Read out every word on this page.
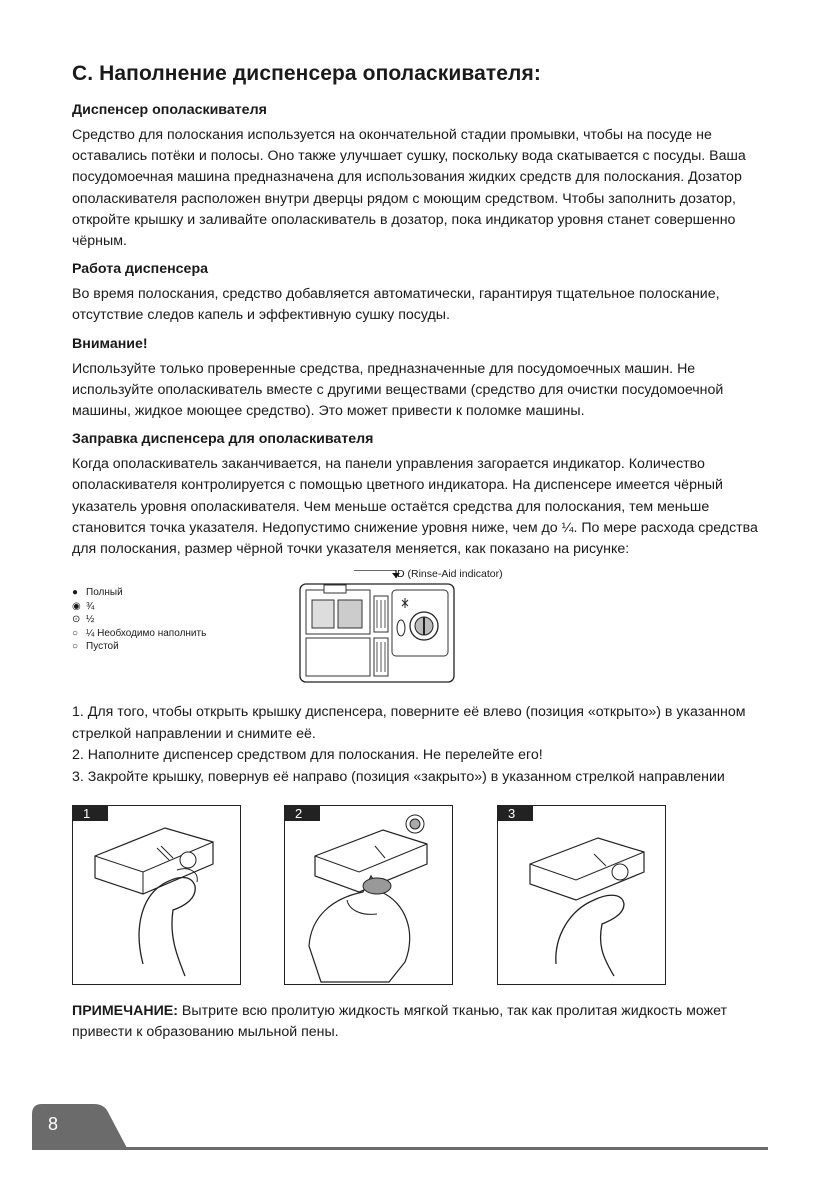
C. Наполнение диспенсера ополаскивателя:
Диспенсер ополаскивателя

Средство для полоскания используется на окончательной стадии промывки, чтобы на посуде не оставались потёки и полосы. Оно также улучшает сушку, поскольку вода скатывается с посуды. Ваша посудомоечная машина предназначена для использования жидких средств для полоскания. Дозатор ополаскивателя расположен внутри дверцы рядом с моющим средством. Чтобы заполнить дозатор, откройте крышку и заливайте ополаскиватель в дозатор, пока индикатор уровня станет совершенно чёрным.

Работа диспенсера

Во время полоскания, средство добавляется автоматически, гарантируя тщательное полоскание, отсутствие следов капель и эффективную сушку посуды.

Внимание!

Используйте только проверенные средства, предназначенные для посудомоечных машин. Не используйте ополаскиватель вместе с другими веществами (средство для очистки посудомоечной машины, жидкое моющее средство). Это может привести к поломке машины.

Заправка диспенсера для ополаскивателя

Когда ополаскиватель заканчивается, на панели управления загорается индикатор. Количество ополаскивателя контролируется с помощью цветного индикатора. На диспенсере имеется чёрный указатель уровня ополаскивателя. Чем меньше остаётся средства для полоскания, тем меньше становится точка указателя. Недопустимо снижение уровня ниже, чем до ¼. По мере расхода средства для полоскания, размер чёрной точки указателя меняется, как показано на рисунке:

● Полный
◉ ¾
⊙ ½
○ ¼ Необходимо наполнить
○ Пустой
D (Rinse-Aid indicator)

1. Для того, чтобы открыть крышку диспенсера, поверните её влево (позиция «открыто») в указанном стрелкой направлении и снимите её.

2. Наполните диспенсер средством для полоскания. Не перелейте его!

3. Закройте крышку, повернув её направо (позиция «закрыто») в указанном стрелкой направлении

1	2	3

ПРИМЕЧАНИЕ: Вытрите всю пролитую жидкость мягкой тканью, так как пролитая жидкость может привести к образованию мыльной пены.

8
